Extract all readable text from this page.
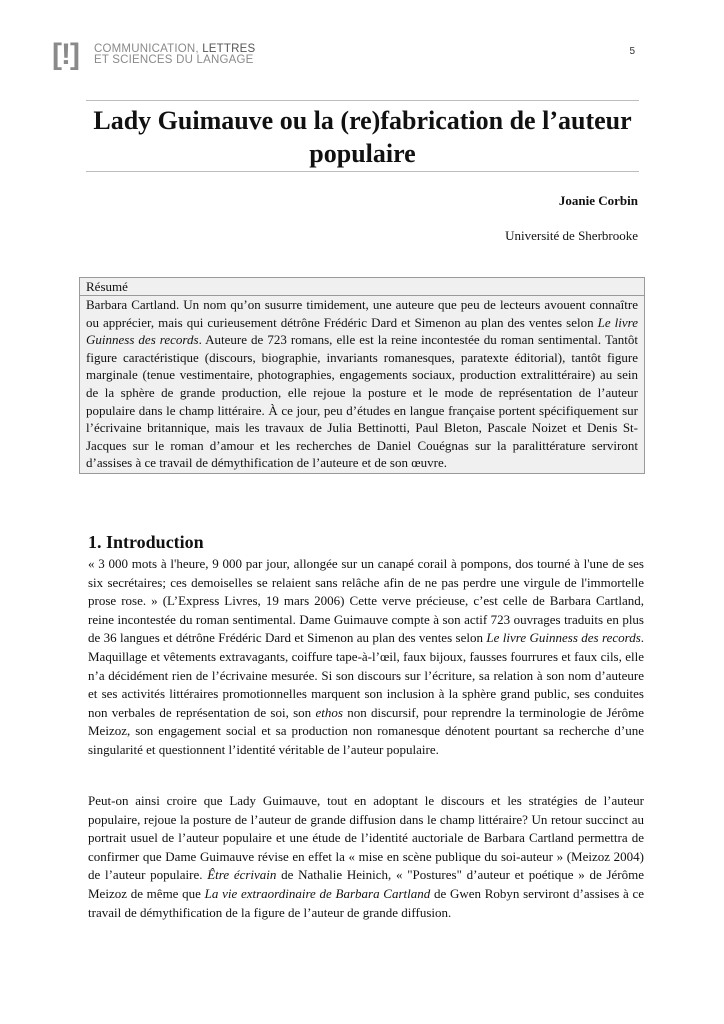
[!] COMMUNICATION, LETTRES
ET SCIENCES DU LANGAGE
5
Lady Guimauve ou la (re)fabrication de l’auteur populaire
Joanie Corbin
Université de Sherbrooke
Résumé
Barbara Cartland. Un nom qu’on susurre timidement, une auteure que peu de lecteurs avouent connaître ou apprécier, mais qui curieusement détrône Frédéric Dard et Simenon au plan des ventes selon Le livre Guinness des records. Auteure de 723 romans, elle est la reine incontestée du roman sentimental. Tantôt figure caractéristique (discours, biographie, invariants romanesques, paratexte éditorial), tantôt figure marginale (tenue vestimentaire, photographies, engagements sociaux, production extralittéraire) au sein de la sphère de grande production, elle rejoue la posture et le mode de représentation de l’auteur populaire dans le champ littéraire. À ce jour, peu d’études en langue française portent spécifiquement sur l’écrivaine britannique, mais les travaux de Julia Bettinotti, Paul Bleton, Pascale Noizet et Denis St-Jacques sur le roman d’amour et les recherches de Daniel Couégnas sur la paralittérature serviront d’assises à ce travail de démythification de l’auteure et de son œuvre.
1. Introduction

« 3 000 mots à l'heure, 9 000 par jour, allongée sur un canapé corail à pompons, dos tourné à l'une de ses six secrétaires; ces demoiselles se relaient sans relâche afin de ne pas perdre une virgule de l'immortelle prose rose. » (L’Express Livres, 19 mars 2006) Cette verve précieuse, c’est celle de Barbara Cartland, reine incontestée du roman sentimental. Dame Guimauve compte à son actif 723 ouvrages traduits en plus de 36 langues et détrône Frédéric Dard et Simenon au plan des ventes selon Le livre Guinness des records. Maquillage et vêtements extravagants, coiffure tape-à-l’œil, faux bijoux, fausses fourrures et faux cils, elle n’a décidément rien de l’écrivaine mesurée. Si son discours sur l’écriture, sa relation à son nom d’auteure et ses activités littéraires promotionnelles marquent son inclusion à la sphère grand public, ses conduites non verbales de représentation de soi, son ethos non discursif, pour reprendre la terminologie de Jérôme Meizoz, son engagement social et sa production non romanesque dénotent pourtant sa recherche d’une singularité et questionnent l’identité véritable de l’auteur populaire.

Peut-on ainsi croire que Lady Guimauve, tout en adoptant le discours et les stratégies de l’auteur populaire, rejoue la posture de l’auteur de grande diffusion dans le champ littéraire? Un retour succinct au portrait usuel de l’auteur populaire et une étude de l’identité auctoriale de Barbara Cartland permettra de confirmer que Dame Guimauve révise en effet la « mise en scène publique du soi-auteur » (Meizoz 2004) de l’auteur populaire. Être écrivain de Nathalie Heinich, « "Postures" d’auteur et poétique » de Jérôme Meizoz de même que La vie extraordinaire de Barbara Cartland de Gwen Robyn serviront d’assises à ce travail de démythification de la figure de l’auteur de grande diffusion.
